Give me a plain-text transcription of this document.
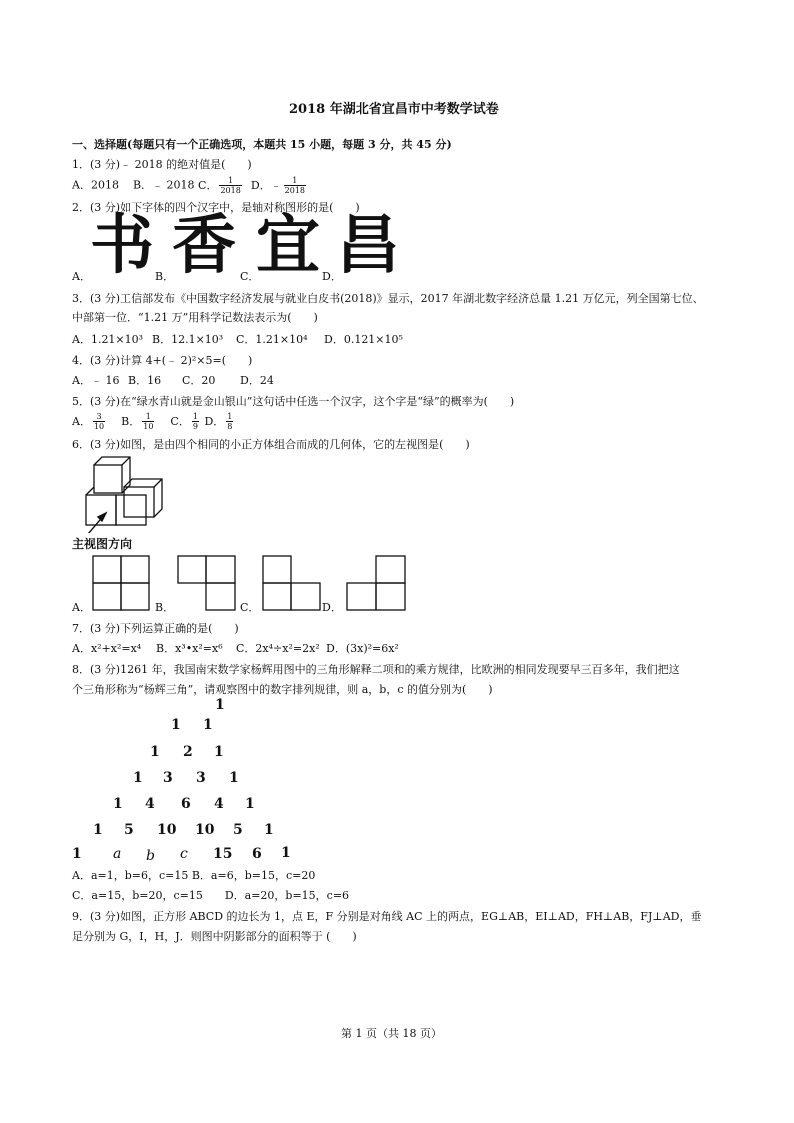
2018 年湖北省宜昌市中考数学试卷
一、选择题(每题只有一个正确选项，本题共 15 小题，每题 3 分，共 45 分)
1．(3 分)﹣ 2018 的绝对值是(　　)
A．2018 B．﹣ 2018 C． $\frac{1}{2018}$ D．﹣ $\frac{1}{2018}$
2．(3 分)如下字体的四个汉字中，是轴对称图形的是(　　)
书 香 宜 昌
A．	B．	C．	D．
3．(3 分)工信部发布《中国数字经济发展与就业白皮书(2018)》显示，2017 年湖北数字经济总量 1.21 万亿元，列全国第七位、
中部第一位．“1.21 万”用科学记数法表示为(　　)
A．1.21×10³ B．12.1×10³ C．1.21×10⁴ D．0.121×10⁵
4．(3 分)计算 4+(﹣ 2)²×5=(　　)
A．﹣ 16 B．16 C．20 D．24
5．(3 分)在“绿水青山就是金山银山”这句话中任选一个汉字，这个字是“绿”的概率为(　　)
A． $\frac{3}{10}$ B． $\frac{1}{10}$ C． $\frac{1}{9}$ D． $\frac{1}{8}$
6．(3 分)如图，是由四个相同的小正方体组合而成的几何体，它的左视图是(　　)
主视图方向
A．	B．	C．	D．
7．(3 分)下列运算正确的是(　　)
A．x²+x²=x⁴ B．x³•x²=x⁶ C．2x⁴÷x²=2x² D．(3x)²=6x²
8．(3 分)1261 年，我国南宋数学家杨辉用图中的三角形解释二项和的乘方规律，比欧洲的相同发现要早三百多年，我们把这
个三角形称为“杨辉三角”，请观察图中的数字排列规律，则 a，b，c 的值分别为(　　)
1
1 1
1 2 1
1 3 3 1
1 4 6 4 1
1 5 10 10 5 1
1 a b c 15 6 1
A．a=1，b=6，c=15 B．a=6，b=15，c=20
C．a=15，b=20，c=15　　D．a=20，b=15，c=6
9．(3 分)如图，正方形 ABCD 的边长为 1，点 E，F 分别是对角线 AC 上的两点，EG⊥AB，EI⊥AD，FH⊥AB，FJ⊥AD，垂
足分别为 G，I，H，J．则图中阴影部分的面积等于 (　　)
第 1 页（共 18 页）
